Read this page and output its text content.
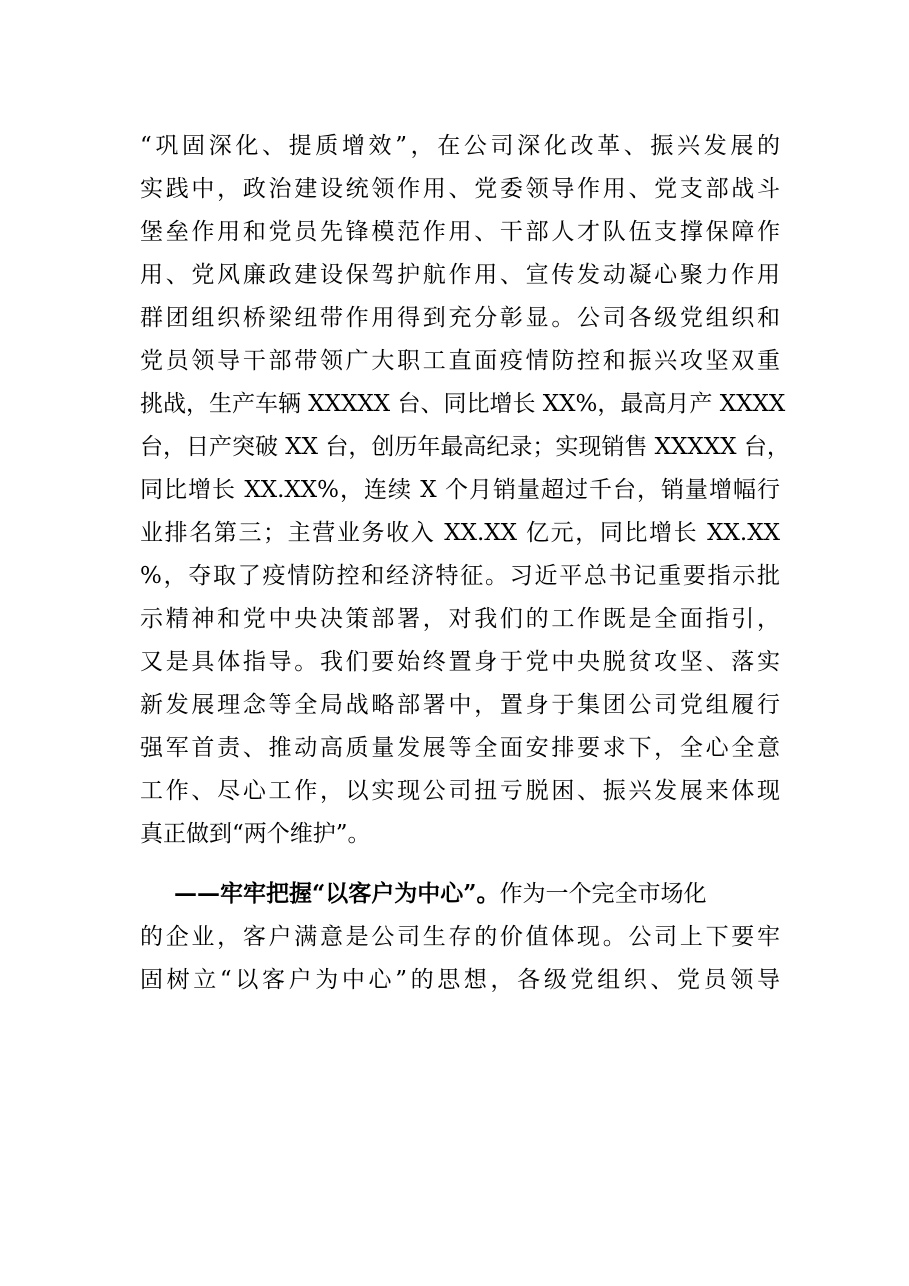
“巩固深化、提质增效”，在公司深化改革、振兴发展的
实践中，政治建设统领作用、党委领导作用、党支部战斗
堡垒作用和党员先锋模范作用、干部人才队伍支撑保障作
用、党风廉政建设保驾护航作用、宣传发动凝心聚力作用
群团组织桥梁纽带作用得到充分彰显。公司各级党组织和
党员领导干部带领广大职工直面疫情防控和振兴攻坚双重
挑战，生产车辆 XXXXX 台、同比增长 XX%，最高月产 XXXX
台，日产突破 XX 台，创历年最高纪录；实现销售 XXXXX 台，
同比增长 XX.XX%，连续 X 个月销量超过千台，销量增幅行
业排名第三；主营业务收入 XX.XX 亿元，同比增长 XX.XX
%，夺取了疫情防控和经济特征。习近平总书记重要指示批
示精神和党中央决策部署，对我们的工作既是全面指引，
又是具体指导。我们要始终置身于党中央脱贫攻坚、落实
新发展理念等全局战略部署中，置身于集团公司党组履行
强军首责、推动高质量发展等全面安排要求下，全心全意
工作、尽心工作，以实现公司扭亏脱困、振兴发展来体现
真正做到“两个维护”。
——牢牢把握“以客户为中心”。作为一个完全市场化
的企业，客户满意是公司生存的价值体现。公司上下要牢
固树立“以客户为中心”的思想，各级党组织、党员领导
